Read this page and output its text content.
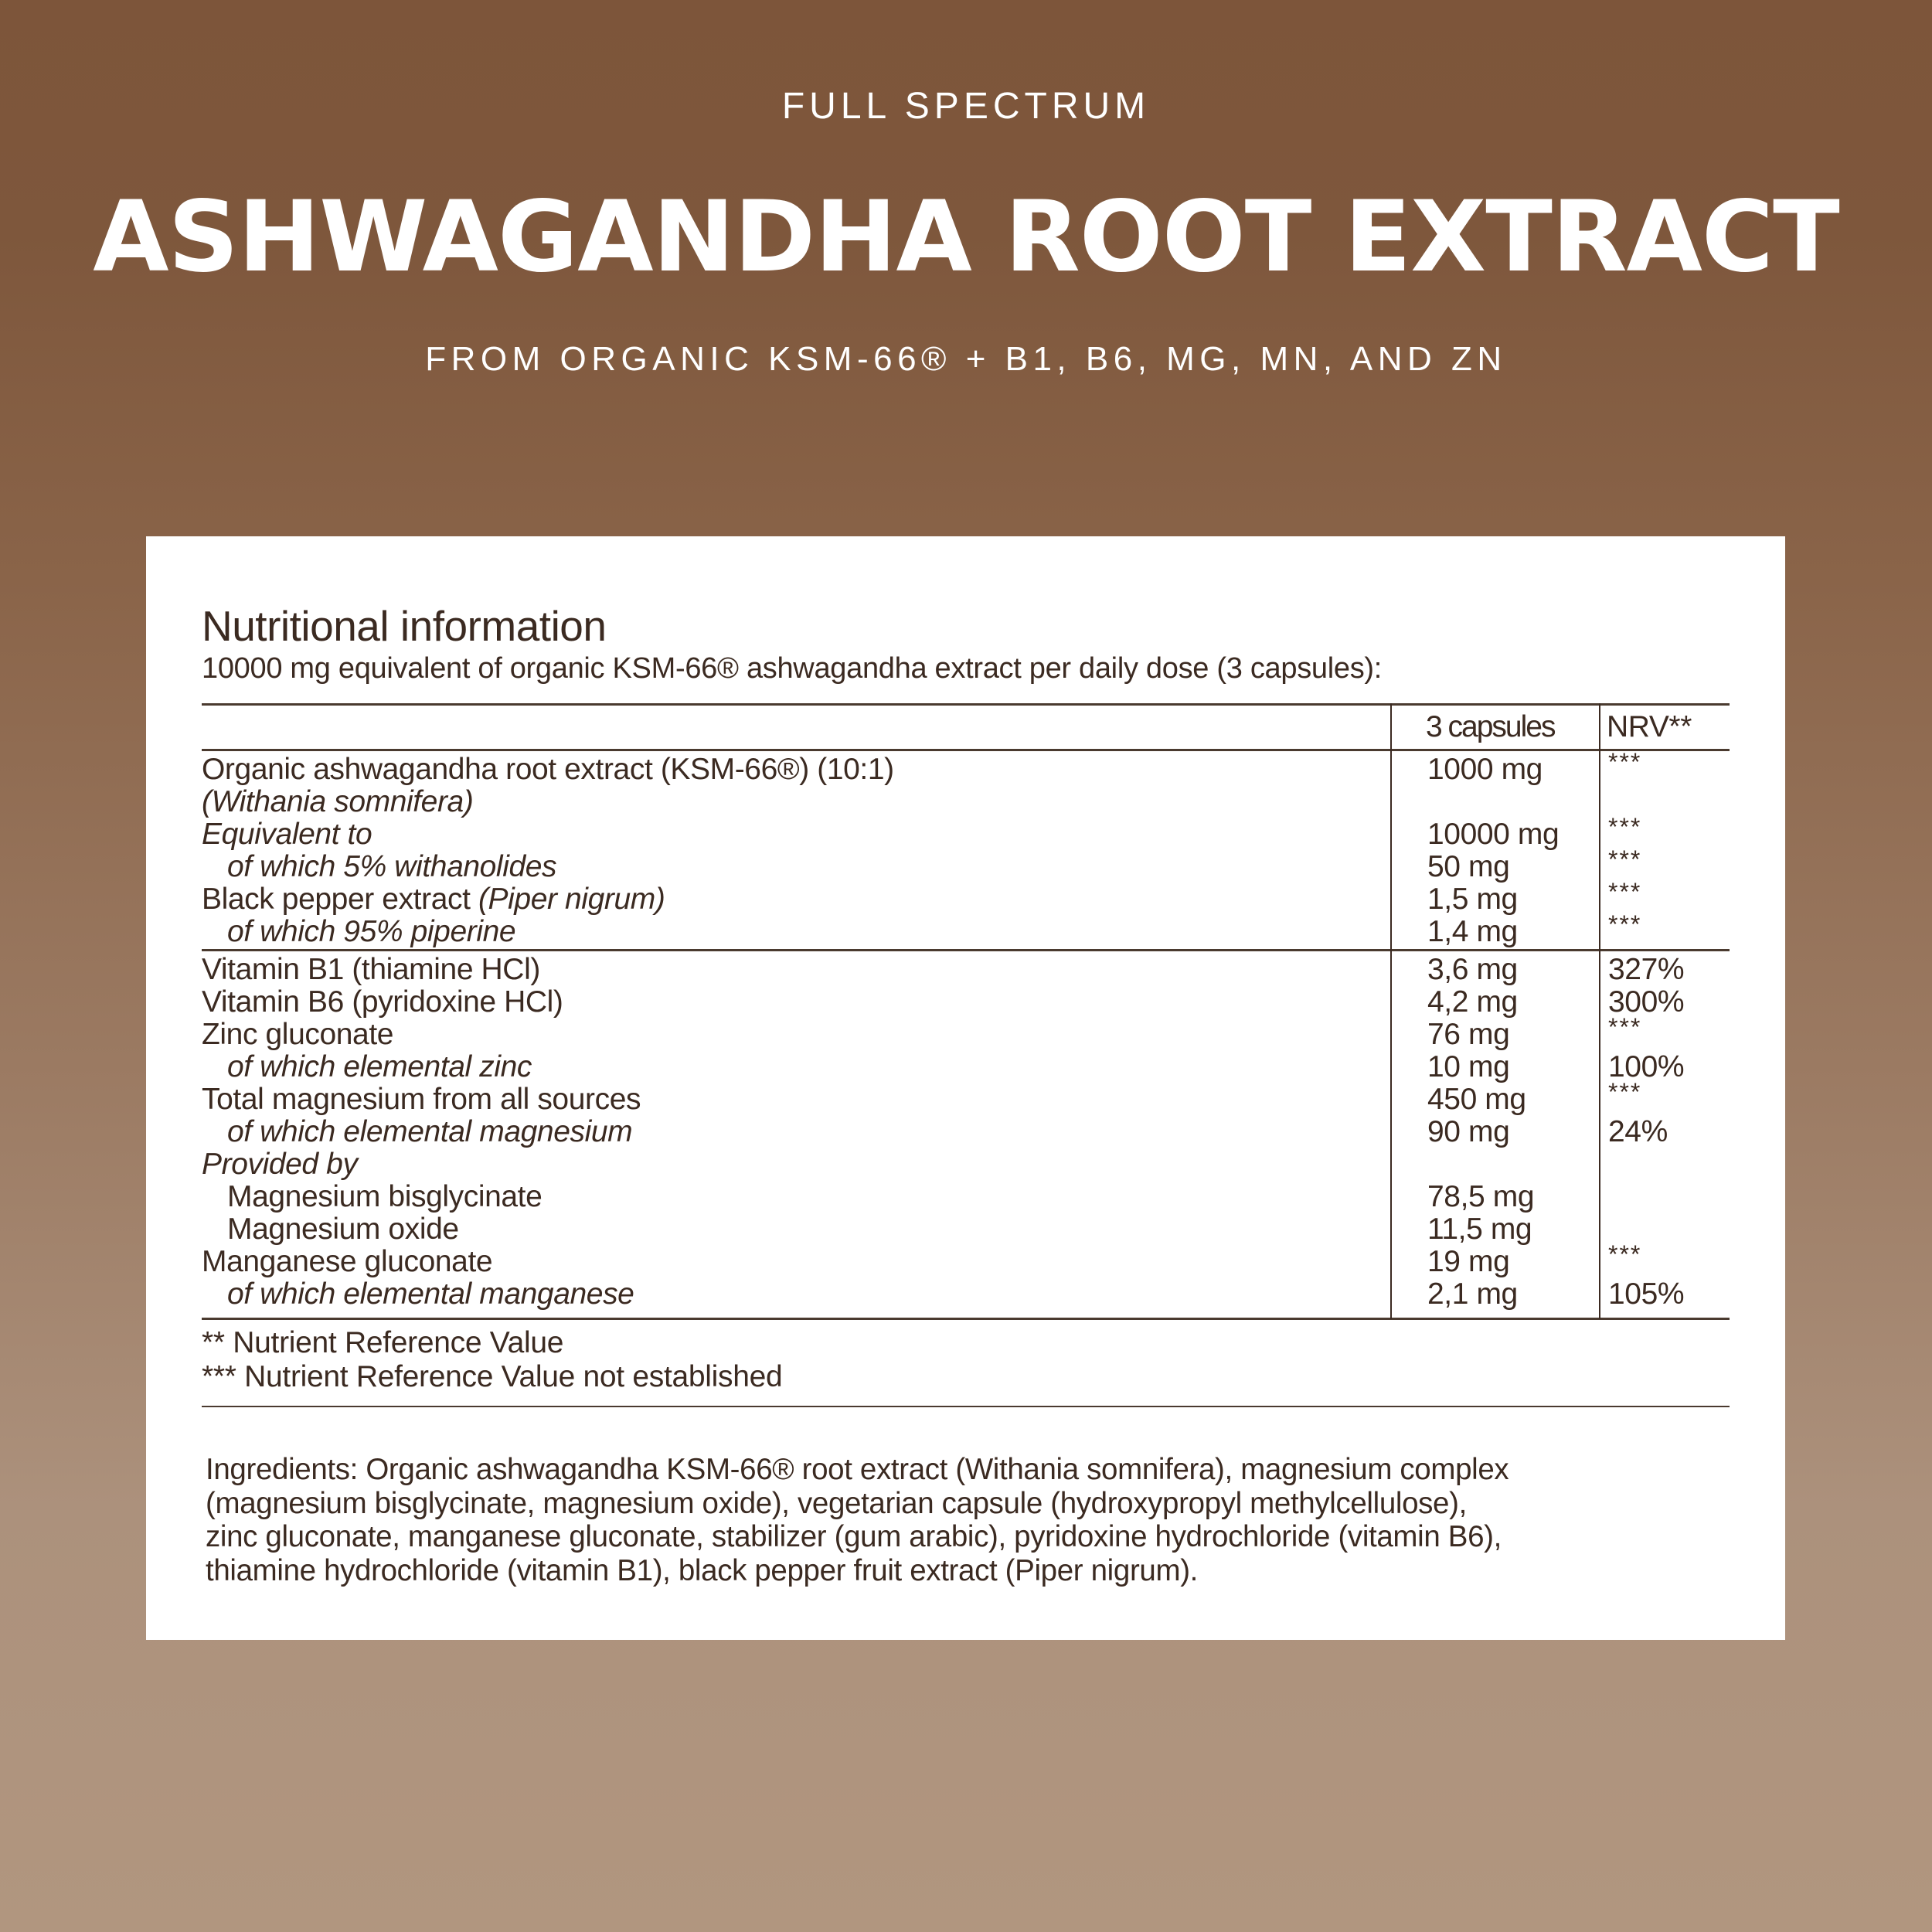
FULL SPECTRUM
ASHWAGANDHA ROOT EXTRACT
FROM ORGANIC KSM-66® + B1, B6, MG, MN, AND ZN
Nutritional information
10000 mg equivalent of organic KSM-66® ashwagandha extract per daily dose (3 capsules):
3 capsules NRV**
Organic ashwagandha root extract (KSM-66®) (10:1)	1000 mg	***
(Withania somnifera)
Equivalent to	10000 mg ***
of which 5% withanolides	50 mg	***
Black pepper extract (Piper nigrum)	1,5 mg	***
of which 95% piperine	1,4 mg	***
Vitamin B1 (thiamine HCl)	3,6 mg	327%
Vitamin B6 (pyridoxine HCl)	4,2 mg	300%
Zinc gluconate	76 mg	***
of which elemental zinc	10 mg	100%
Total magnesium from all sources	450 mg	***
of which elemental magnesium	90 mg	24%
Provided by
Magnesium bisglycinate	78,5 mg
Magnesium oxide	11,5 mg
Manganese gluconate	19 mg	***
of which elemental manganese	2,1 mg	105%
** Nutrient Reference Value
*** Nutrient Reference Value not established
Ingredients: Organic ashwagandha KSM-66® root extract (Withania somnifera), magnesium complex
(magnesium bisglycinate, magnesium oxide), vegetarian capsule (hydroxypropyl methylcellulose),
zinc gluconate, manganese gluconate, stabilizer (gum arabic), pyridoxine hydrochloride (vitamin B6),
thiamine hydrochloride (vitamin B1), black pepper fruit extract (Piper nigrum).
